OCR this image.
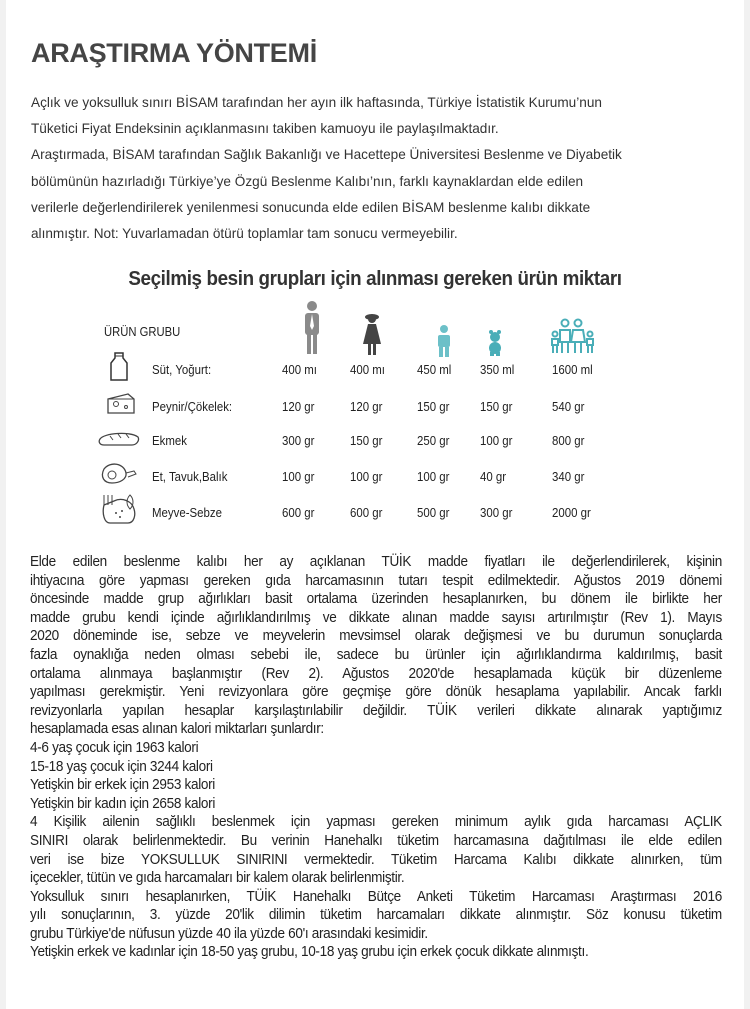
ARAŞTIRMA YÖNTEMİ
Açlık ve yoksulluk sınırı BİSAM tarafından her ayın ilk haftasında, Türkiye İstatistik Kurumu’nun
Tüketici Fiyat Endeksinin açıklanmasını takiben kamuoyu ile paylaşılmaktadır.
Araştırmada, BİSAM tarafından Sağlık Bakanlığı ve Hacettepe Üniversitesi Beslenme ve Diyabetik
bölümünün hazırladığı Türkiye’ye Özgü Beslenme Kalıbı’nın, farklı kaynaklardan elde edilen
verilerle değerlendirilerek yenilenmesi sonucunda elde edilen BİSAM beslenme kalıbı dikkate
alınmıştır. Not: Yuvarlamadan ötürü toplamlar tam sonucu vermeyebilir.
Seçilmiş besin grupları için alınması gereken ürün miktarı
ÜRÜN GRUBU
Süt, Yoğurt:	400 mı	400 mı 450 ml 350 ml	1600 ml
Peynir/Çökelek:	120 gr	120 gr	150 gr 150 gr	540 gr
Ekmek	300 gr	150 gr	250 gr 100 gr	800 gr
Et, Tavuk,Balık	100 gr	100 gr	100 gr 40 gr	340 gr
Meyve-Sebze	600 gr	600 gr	500 gr 300 gr	2000 gr
Elde edilen beslenme kalıbı her ay açıklanan TÜİK madde fiyatları ile değerlendirilerek, kişinin
ihtiyacına göre yapması gereken gıda harcamasının tutarı tespit edilmektedir. Ağustos 2019 dönemi
öncesinde madde grup ağırlıkları basit ortalama üzerinden hesaplanırken, bu dönem ile birlikte her
madde grubu kendi içinde ağırlıklandırılmış ve dikkate alınan madde sayısı artırılmıştır (Rev 1). Mayıs
2020 döneminde ise, sebze ve meyvelerin mevsimsel olarak değişmesi ve bu durumun sonuçlarda
fazla oynaklığa neden olması sebebi ile, sadece bu ürünler için ağırlıklandırma kaldırılmış, basit
ortalama alınmaya başlanmıştır (Rev 2). Ağustos 2020'de hesaplamada küçük bir düzenleme
yapılması gerekmiştir. Yeni revizyonlara göre geçmişe göre dönük hesaplama yapılabilir. Ancak farklı
revizyonlarla yapılan hesaplar karşılaştırılabilir değildir. TÜİK verileri dikkate alınarak yaptığımız
hesaplamada esas alınan kalori miktarları şunlardır:
4-6 yaş çocuk için 1963 kalori
15-18 yaş çocuk için 3244 kalori
Yetişkin bir erkek için 2953 kalori
Yetişkin bir kadın için 2658 kalori
4 Kişilik ailenin sağlıklı beslenmek için yapması gereken minimum aylık gıda harcaması AÇLIK
SINIRI olarak belirlenmektedir. Bu verinin Hanehalkı tüketim harcamasına dağıtılması ile elde edilen
veri ise bize YOKSULLUK SINIRINI vermektedir. Tüketim Harcama Kalıbı dikkate alınırken, tüm
içecekler, tütün ve gıda harcamaları bir kalem olarak belirlenmiştir.
Yoksulluk sınırı hesaplanırken, TÜİK Hanehalkı Bütçe Anketi Tüketim Harcaması Araştırması 2016
yılı sonuçlarının, 3. yüzde 20'lik dilimin tüketim harcamaları dikkate alınmıştır. Söz konusu tüketim
grubu Türkiye'de nüfusun yüzde 40 ila yüzde 60'ı arasındaki kesimidir.
Yetişkin erkek ve kadınlar için 18-50 yaş grubu, 10-18 yaş grubu için erkek çocuk dikkate alınmıştı.
